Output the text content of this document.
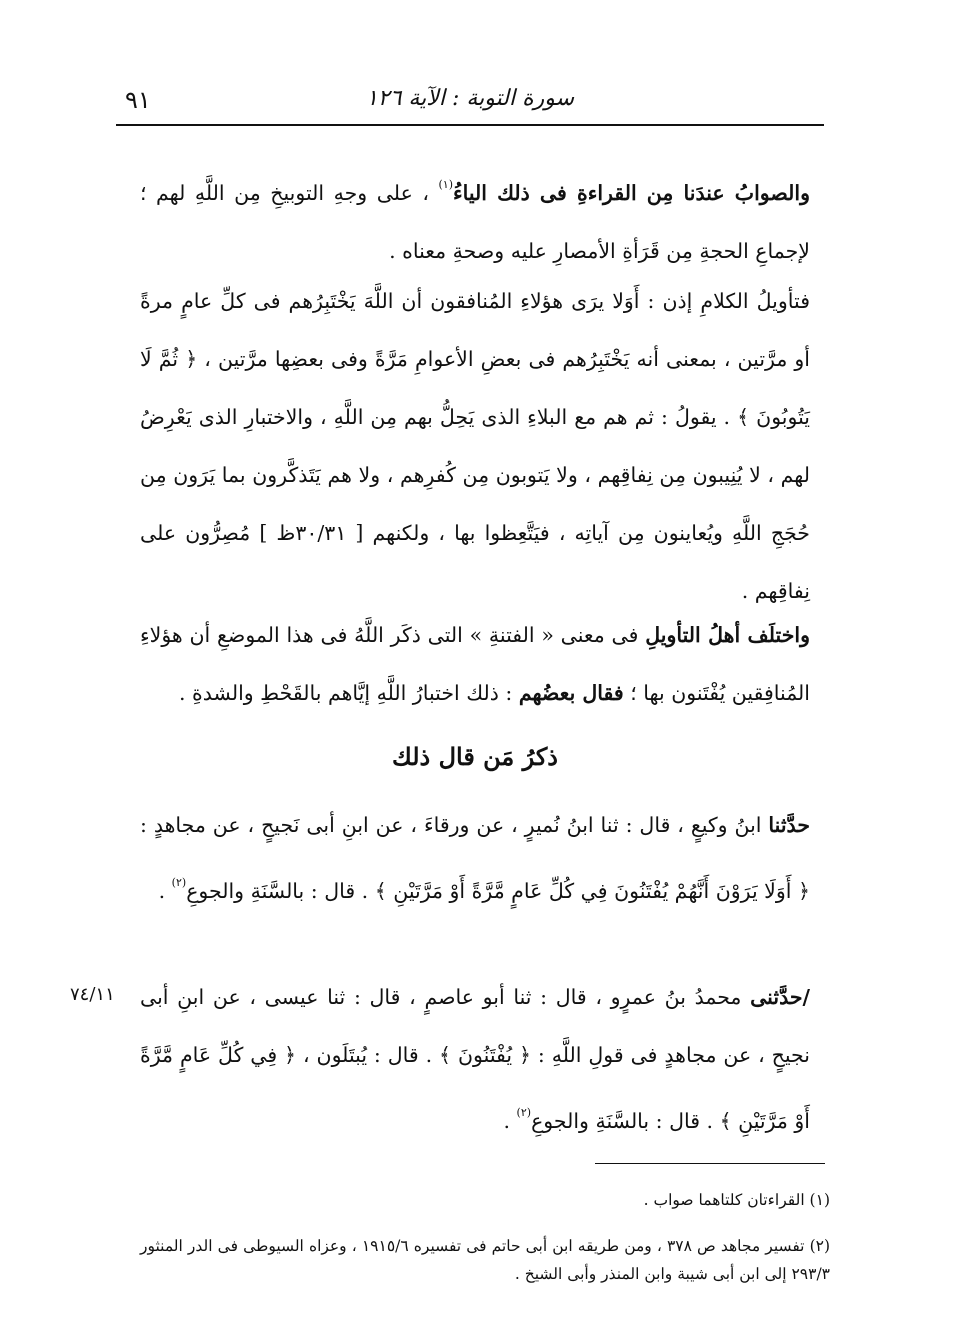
سورة التوبة : الآية ١٢٦
٩١
والصوابُ عندَنا مِن القراءةِ فى ذلك الياءُ$^{(١)}$ ، على وجهِ التوبيخِ مِن اللَّهِ لهم ؛ لإجماعِ الحجةِ مِن قَرَأةِ الأمصارِ عليه وصحةِ معناه .
فتأويلُ الكلامِ إذن : أَوَلا يرَى هؤلاءِ المُنافقون أن اللَّهَ يَخْتَبِرُهم فى كلِّ عامٍ مرةً أو مرَّتين ، بمعنى أنه يَخْتَبِرُهم فى بعضِ الأعوامِ مَرَّةً وفى بعضِها مرَّتين ، ﴿ ثُمَّ لَا يَتُوبُونَ ﴾ . يقولُ : ثم هم مع البلاءِ الذى يَحِلُّ بهم مِن اللَّهِ ، والاختبارِ الذى يَعْرِضُ لهم ، لا يُنِيبون مِن نِفاقِهم ، ولا يَتوبون مِن كُفرِهم ، ولا هم يَتَذكَّرون بما يَرَون مِن حُجَجِ اللَّهِ ويُعاينون مِن آياتِه ، فيَتَّعِظوا بها ، ولكنهم [ ٣٠/٣١ظ ] مُصِرُّون على نِفاقِهم .
واختلَف أهلُ التأويلِ فى معنى « الفتنةِ » التى ذكَر اللَّهُ فى هذا الموضعِ أن هؤلاءِ المُنافِقين يُفْتَنون بها ؛ فقال بعضُهم : ذلك اختبارُ اللَّهِ إيَّاهم بالقَحْطِ والشدةِ .
ذكرُ مَن قال ذلك
حدَّثنا ابنُ وكيعٍ ، قال : ثنا ابنُ نُميرٍ ، عن ورقاءَ ، عن ابنِ أبى نَجيحٍ ، عن مجاهدٍ : ﴿ أَوَلَا يَرَوْنَ أَنَّهُمْ يُفْتَنُونَ فِي كُلِّ عَامٍ مَّرَّةً أَوْ مَرَّتَيْنِ ﴾ . قال : بالسَّنَةِ والجوعِ$^{(٢)}$ .
٧٤/١١	/حدَّثنى محمدُ بنُ عمرٍو ، قال : ثنا أبو عاصمٍ ، قال : ثنا عيسى ، عن ابنِ أبى نجيحٍ ، عن مجاهدٍ فى قولِ اللَّهِ : ﴿ يُفْتَنُونَ ﴾ . قال : يُبتَلَون ، ﴿ فِي كُلِّ عَامٍ مَّرَّةً أَوْ مَرَّتَيْنِ ﴾ . قال : بالسَّنَةِ والجوعِ$^{(٢)}$ .
(١) القراءتان كلتاهما صواب .
(٢) تفسير مجاهد ص ٣٧٨ ، ومن طريقه ابن أبى حاتم فى تفسيره ١٩١٥/٦ ، وعزاه السيوطى فى الدر المنثور ٢٩٣/٣ إلى ابن أبى شيبة وابن المنذر وأبى الشيخ .
